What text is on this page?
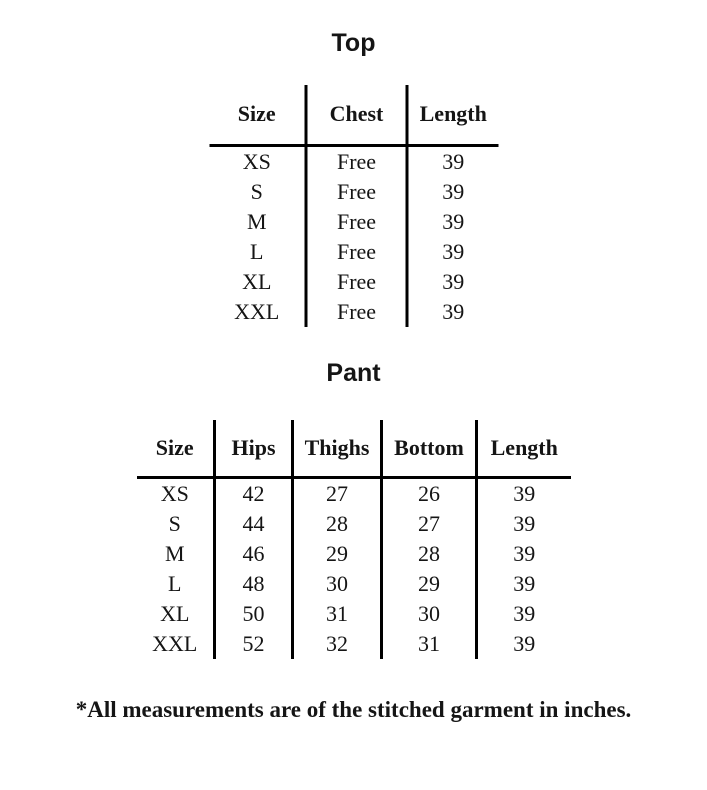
Top
Size	Chest	Length
XS	Free	39
S	Free	39
M	Free	39
L	Free	39
XL	Free	39
XXL	Free	39
Pant
Size	Hips	Thighs	Bottom	Length
XS	42	27	26	39
S	44	28	27	39
M	46	29	28	39
L	48	30	29	39
XL	50	31	30	39
XXL	52	32	31	39
*All measurements are of the stitched garment in inches.
